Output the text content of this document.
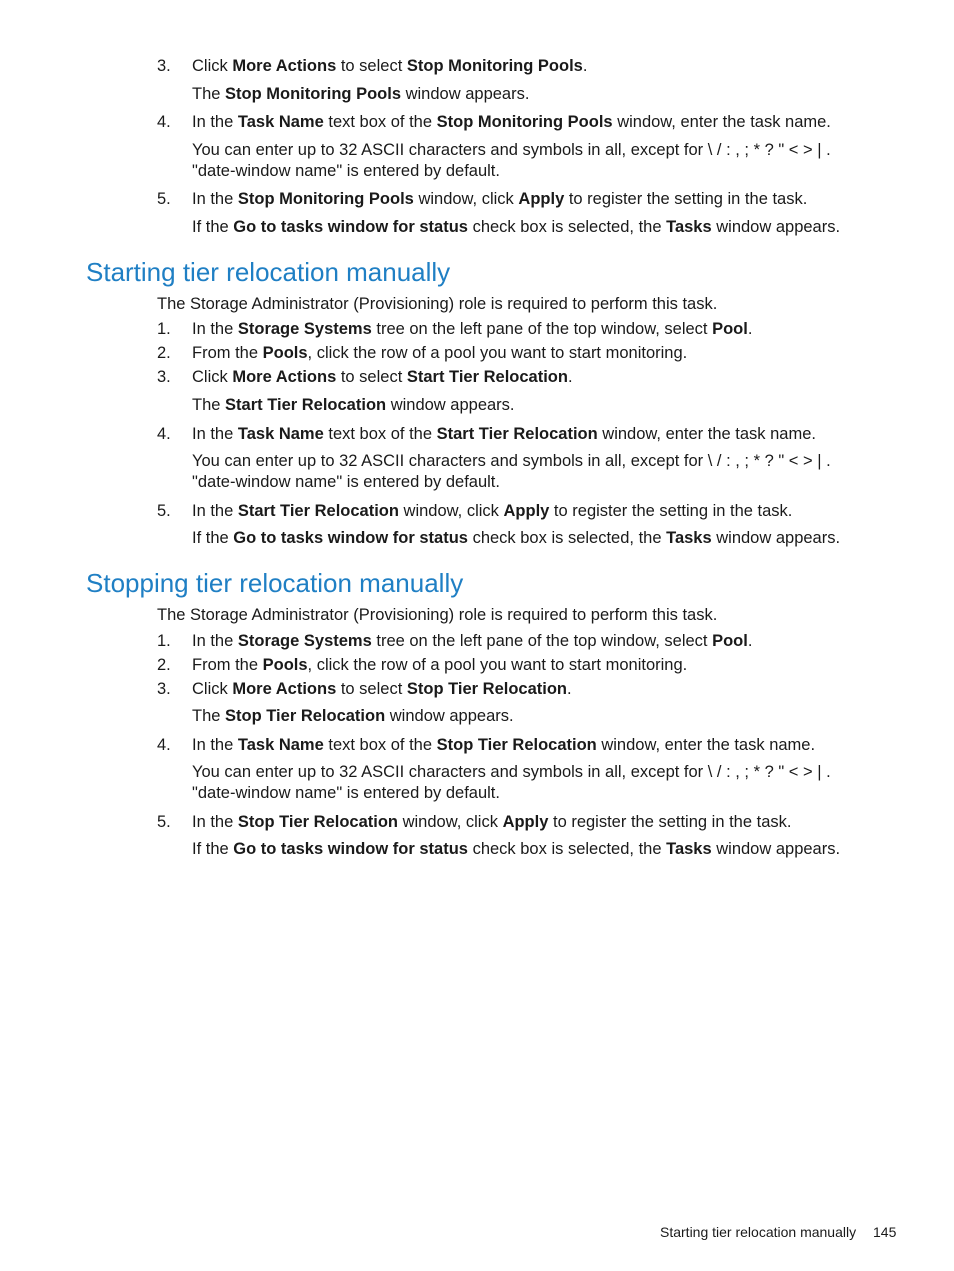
3. Click More Actions to select Stop Monitoring Pools.
The Stop Monitoring Pools window appears.
4. In the Task Name text box of the Stop Monitoring Pools window, enter the task name.
You can enter up to 32 ASCII characters and symbols in all, except for \ / : , ; * ? " < > | .
"date-window name" is entered by default.
5. In the Stop Monitoring Pools window, click Apply to register the setting in the task.
If the Go to tasks window for status check box is selected, the Tasks window appears.
Starting tier relocation manually
The Storage Administrator (Provisioning) role is required to perform this task.
1. In the Storage Systems tree on the left pane of the top window, select Pool.
2. From the Pools, click the row of a pool you want to start monitoring.
3. Click More Actions to select Start Tier Relocation.
The Start Tier Relocation window appears.
4. In the Task Name text box of the Start Tier Relocation window, enter the task name.
You can enter up to 32 ASCII characters and symbols in all, except for \ / : , ; * ? " < > | .
"date-window name" is entered by default.
5. In the Start Tier Relocation window, click Apply to register the setting in the task.
If the Go to tasks window for status check box is selected, the Tasks window appears.
Stopping tier relocation manually
The Storage Administrator (Provisioning) role is required to perform this task.
1. In the Storage Systems tree on the left pane of the top window, select Pool.
2. From the Pools, click the row of a pool you want to start monitoring.
3. Click More Actions to select Stop Tier Relocation.
The Stop Tier Relocation window appears.
4. In the Task Name text box of the Stop Tier Relocation window, enter the task name.
You can enter up to 32 ASCII characters and symbols in all, except for \ / : , ; * ? " < > | .
"date-window name" is entered by default.
5. In the Stop Tier Relocation window, click Apply to register the setting in the task.
If the Go to tasks window for status check box is selected, the Tasks window appears.
Starting tier relocation manually 145
